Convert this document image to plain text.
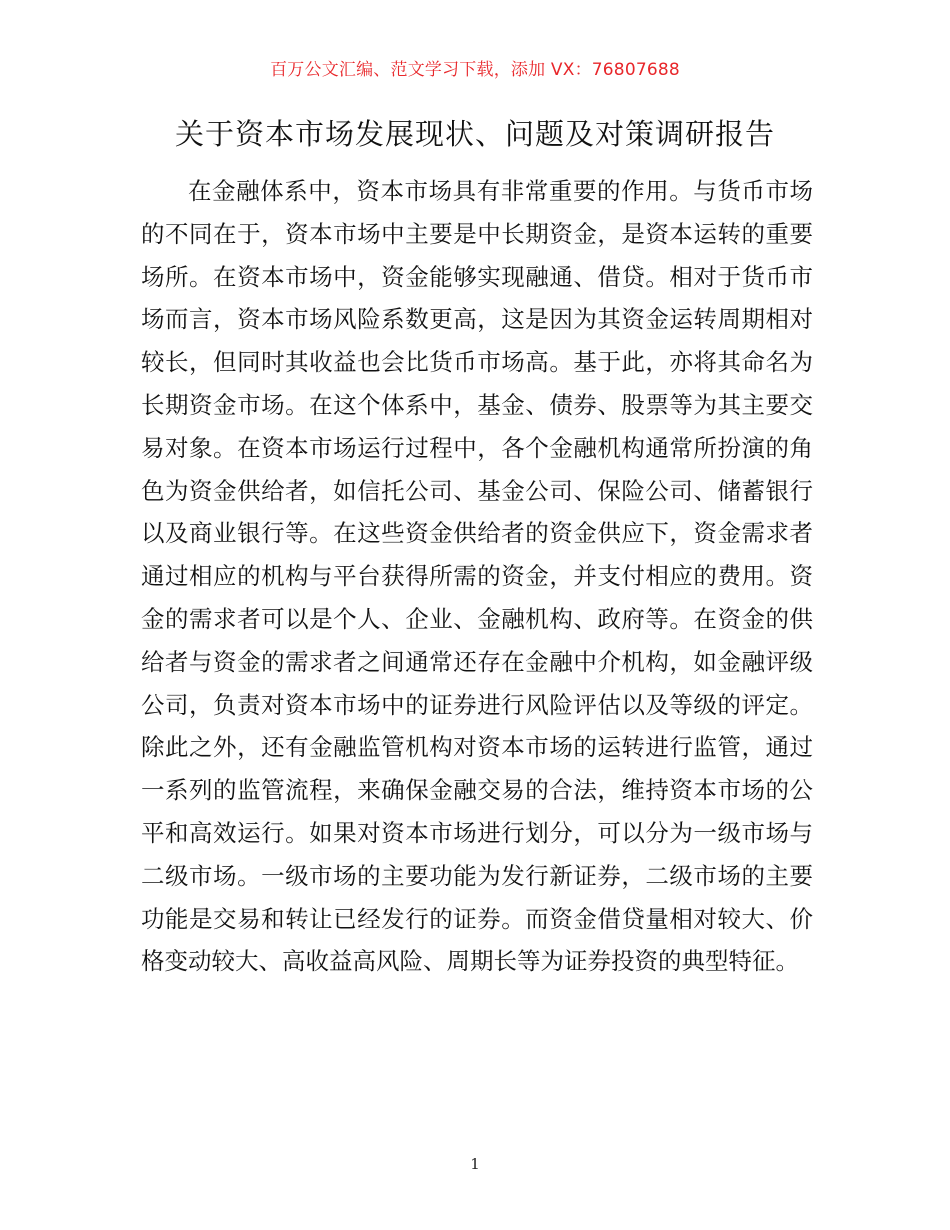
百万公文汇编、范文学习下载，添加 VX：76807688
关于资本市场发展现状、问题及对策调研报告

在金融体系中，资本市场具有非常重要的作用。与货币市场的不同在于，资本市场中主要是中长期资金，是资本运转的重要场所。在资本市场中，资金能够实现融通、借贷。相对于货币市场而言，资本市场风险系数更高，这是因为其资金运转周期相对较长，但同时其收益也会比货币市场高。基于此，亦将其命名为长期资金市场。在这个体系中，基金、债券、股票等为其主要交易对象。在资本市场运行过程中，各个金融机构通常所扮演的角色为资金供给者，如信托公司、基金公司、保险公司、储蓄银行以及商业银行等。在这些资金供给者的资金供应下，资金需求者通过相应的机构与平台获得所需的资金，并支付相应的费用。资金的需求者可以是个人、企业、金融机构、政府等。在资金的供给者与资金的需求者之间通常还存在金融中介机构，如金融评级公司，负责对资本市场中的证券进行风险评估以及等级的评定。除此之外，还有金融监管机构对资本市场的运转进行监管，通过一系列的监管流程，来确保金融交易的合法，维持资本市场的公平和高效运行。如果对资本市场进行划分，可以分为一级市场与二级市场。一级市场的主要功能为发行新证券，二级市场的主要功能是交易和转让已经发行的证券。而资金借贷量相对较大、价格变动较大、高收益高风险、周期长等为证券投资的典型特征。

1
